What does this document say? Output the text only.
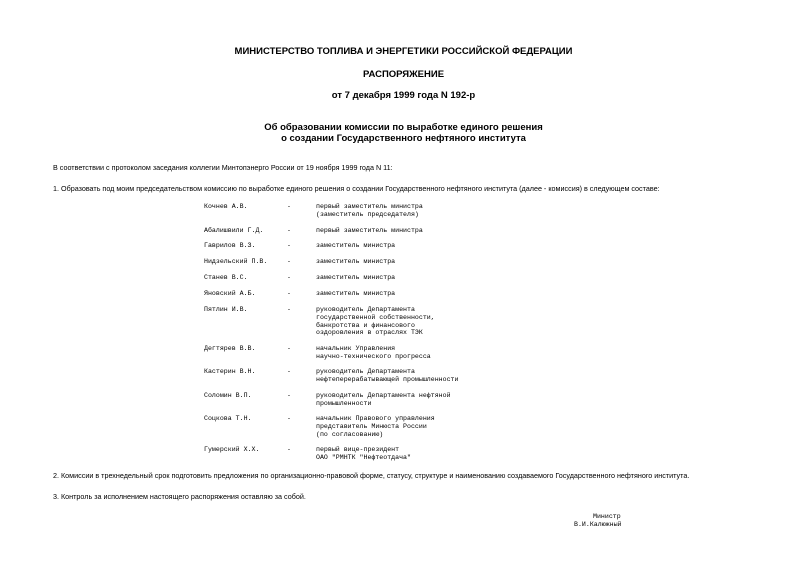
МИНИСТЕРСТВО ТОПЛИВА И ЭНЕРГЕТИКИ РОССИЙСКОЙ ФЕДЕРАЦИИ
РАСПОРЯЖЕНИЕ
от 7 декабря 1999 года N 192-р
Об образовании комиссии по выработке единого решения
о создании Государственного нефтяного института
В соответствии с протоколом заседания коллегии Минтопэнерго России от 19 ноября 1999 года N 11:
1. Образовать под моим председательством комиссию по выработке единого решения о создании Государственного нефтяного института (далее - комиссия) в следующем составе:
Кочнев А.В.	-	первый заместитель министра
(заместитель председателя)
Абалишвили Г.Д.	-	первый заместитель министра
Гаврилов В.З.	-	заместитель министра
Нидзельский П.В.	-	заместитель министра
Станев В.С.	-	заместитель министра
Яновский А.Б.	-	заместитель министра
Пятлин И.В.	-	руководитель Департамента
государственной собственности,
банкротства и финансового
оздоровления в отраслях ТЭК
Дегтярев В.В.	-	начальник Управления
научно-технического прогресса
Кастерин В.Н.	-	руководитель Департамента
нефтеперерабатывающей промышленности
Соломин В.П.	-	руководитель Департамента нефтяной
промышленности
Соцкова Т.Н.	-	начальник Правового управления
представитель Минюста России
(по согласованию)
Гумерский Х.Х.	-	первый вице-президент
ОАО "РМНТК "Нефтеотдача"
2. Комиссии в трехнедельный срок подготовить предложения по организационно-правовой форме, статусу, структуре и наименованию создаваемого Государственного нефтяного института.
3. Контроль за исполнением настоящего распоряжения оставляю за собой.
Министр
В.И.Калюжный
